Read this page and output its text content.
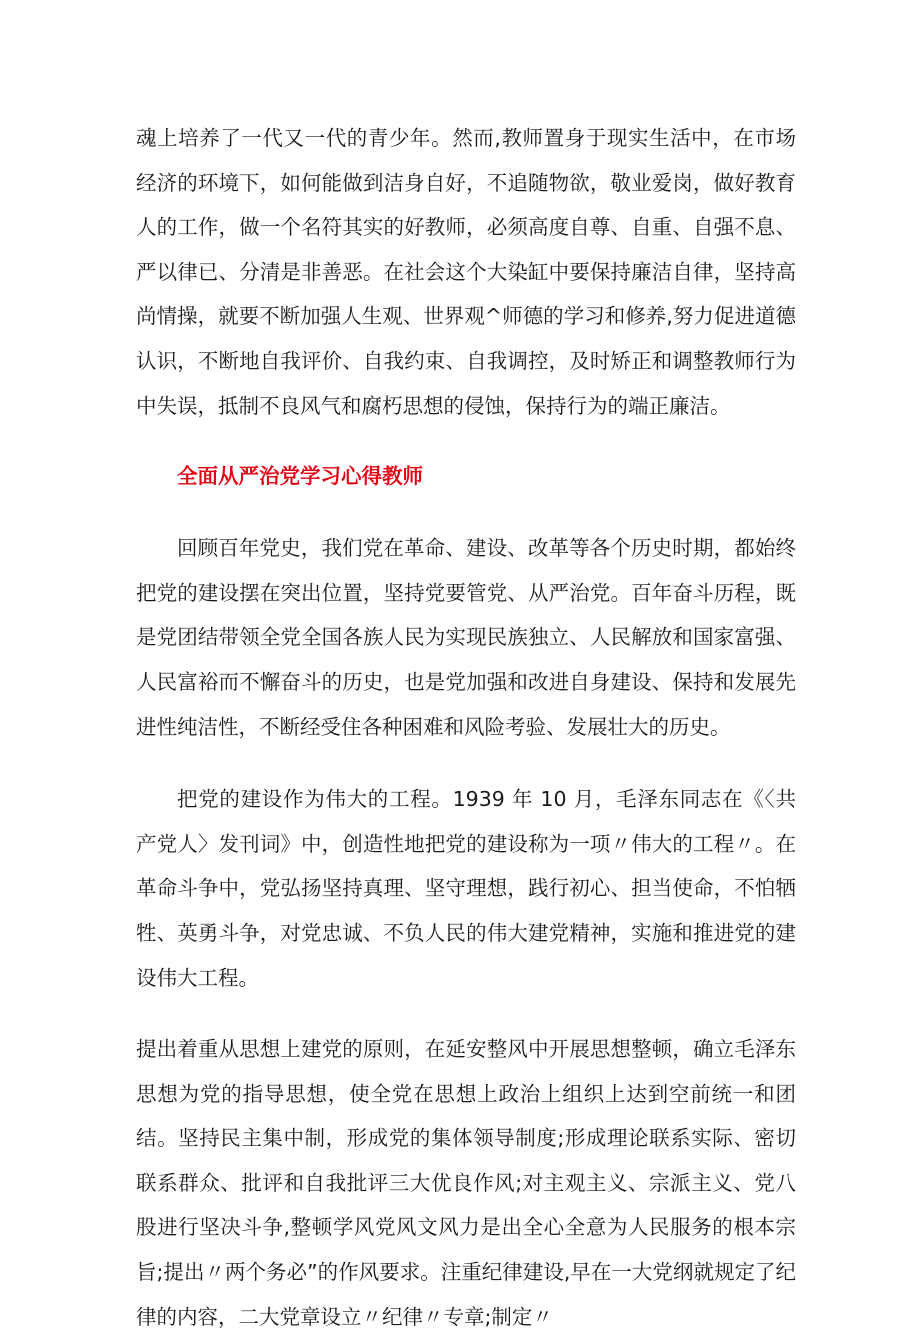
魂上培养了一代又一代的青少年。然而,教师置身于现实生活中，在市场经济的环境下，如何能做到洁身自好，不追随物欲，敬业爱岗，做好教育人的工作，做一个名符其实的好教师，必须高度自尊、自重、自强不息、严以律已、分清是非善恶。在社会这个大染缸中要保持廉洁自律，坚持高尚情操，就要不断加强人生观、世界观^师德的学习和修养,努力促进道德认识，不断地自我评价、自我约束、自我调控，及时矫正和调整教师行为中失误，抵制不良风气和腐朽思想的侵蚀，保持行为的端正廉洁。

全面从严治党学习心得教师

回顾百年党史，我们党在革命、建设、改革等各个历史时期，都始终把党的建设摆在突出位置，坚持党要管党、从严治党。百年奋斗历程，既是党团结带领全党全国各族人民为实现民族独立、人民解放和国家富强、人民富裕而不懈奋斗的历史，也是党加强和改进自身建设、保持和发展先进性纯洁性，不断经受住各种困难和风险考验、发展壮大的历史。

把党的建设作为伟大的工程。1939 年 10 月，毛泽东同志在《〈共产党人〉发刊词》中，创造性地把党的建设称为一项〃伟大的工程〃。在革命斗争中，党弘扬坚持真理、坚守理想，践行初心、担当使命，不怕牺牲、英勇斗争，对党忠诚、不负人民的伟大建党精神，实施和推进党的建设伟大工程。

提出着重从思想上建党的原则，在延安整风中开展思想整顿，确立毛泽东思想为党的指导思想，使全党在思想上政治上组织上达到空前统一和团结。坚持民主集中制，形成党的集体领导制度;形成理论联系实际、密切联系群众、批评和自我批评三大优良作风;对主观主义、宗派主义、党八股进行坚决斗争,整顿学风党风文风力是出全心全意为人民服务的根本宗旨;提出〃两个务必”的作风要求。注重纪律建设,早在一大党纲就规定了纪律的内容，二大党章设立〃纪律〃专章;制定〃
